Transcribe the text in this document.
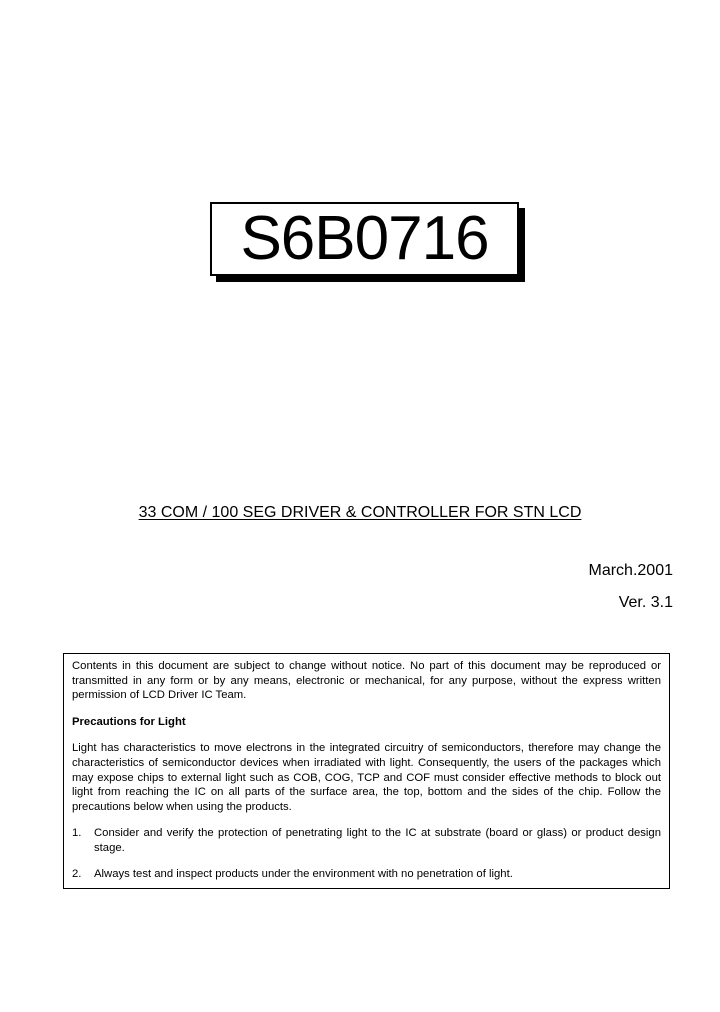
S6B0716
33 COM / 100 SEG DRIVER & CONTROLLER FOR STN LCD
March.2001
Ver. 3.1

Contents in this document are subject to change without notice. No part of this document may be reproduced or transmitted in any form or by any means, electronic or mechanical, for any purpose, without the express written permission of LCD Driver IC Team.

Precautions for Light

Light has characteristics to move electrons in the integrated circuitry of semiconductors, therefore may change the characteristics of semiconductor devices when irradiated with light. Consequently, the users of the packages which may expose chips to external light such as COB, COG, TCP and COF must consider effective methods to block out light from reaching the IC on all parts of the surface area, the top, bottom and the sides of the chip. Follow the precautions below when using the products.

1.	Consider and verify the protection of penetrating light to the IC at substrate (board or glass) or product design stage.
2.	Always test and inspect products under the environment with no penetration of light.
